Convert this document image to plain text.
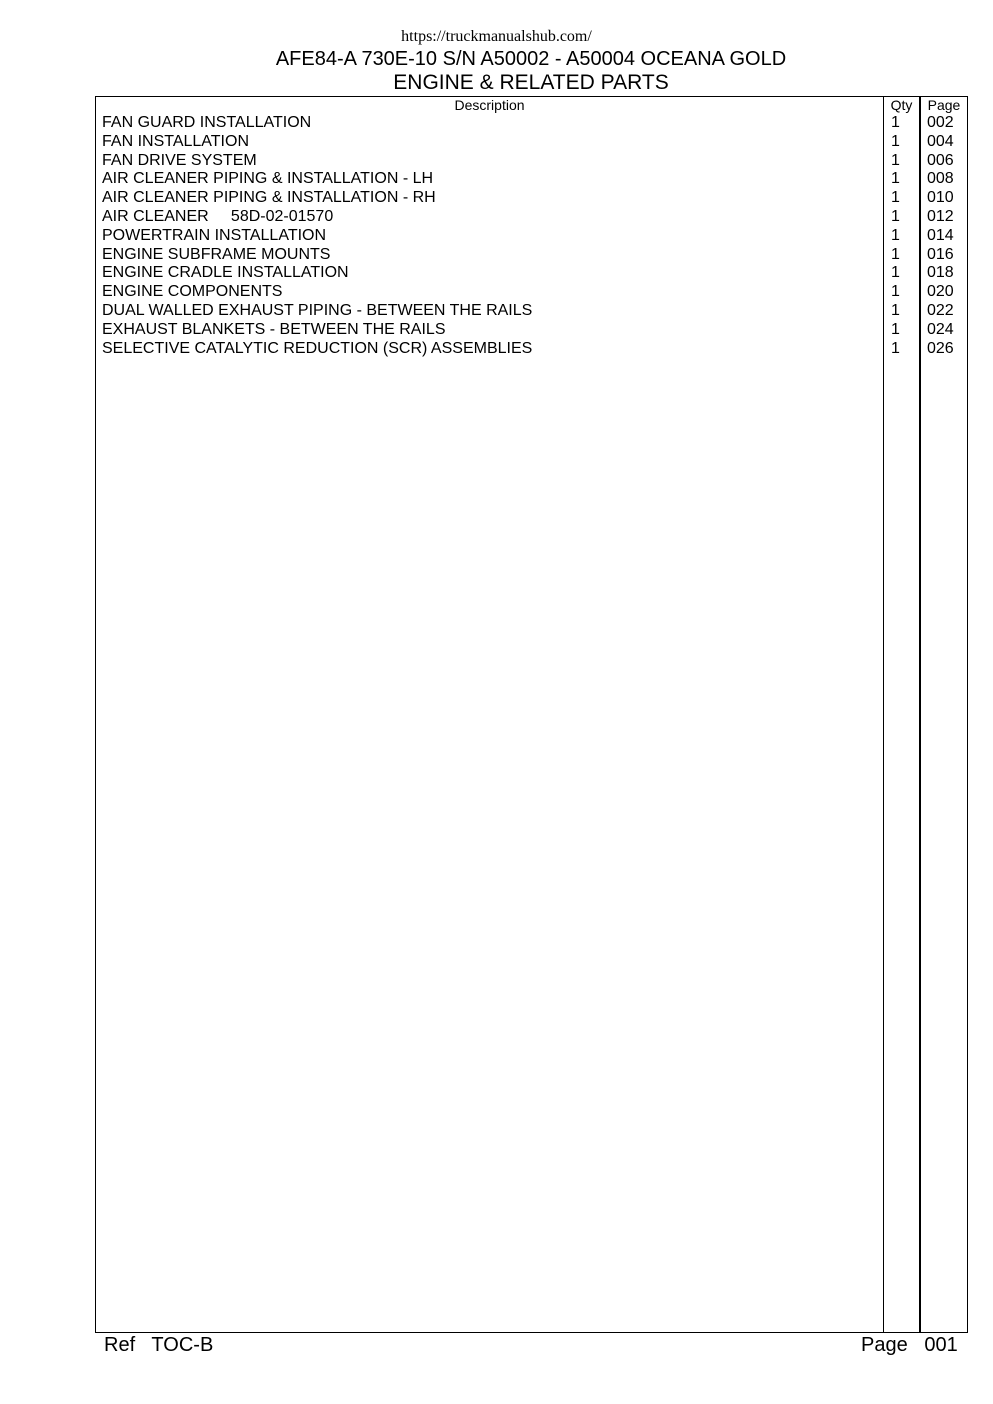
https://truckmanualshub.com/
AFE84-A 730E-10 S/N A50002 - A50004 OCEANA GOLD
ENGINE & RELATED PARTS
Description	Qty	Page
FAN GUARD INSTALLATION	1 002
FAN INSTALLATION	1 004
FAN DRIVE SYSTEM	1 006
AIR CLEANER PIPING & INSTALLATION - LH	1 008
AIR CLEANER PIPING & INSTALLATION - RH	1 010
AIR CLEANER     58D-02-01570	1 012
POWERTRAIN INSTALLATION	1 014
ENGINE SUBFRAME MOUNTS	1 016
ENGINE CRADLE INSTALLATION	1 018
ENGINE COMPONENTS	1 020
DUAL WALLED EXHAUST PIPING - BETWEEN THE RAILS	1 022
EXHAUST BLANKETS - BETWEEN THE RAILS	1 024
SELECTIVE CATALYTIC REDUCTION (SCR) ASSEMBLIES	1 026
Ref   TOC-B	Page   001
